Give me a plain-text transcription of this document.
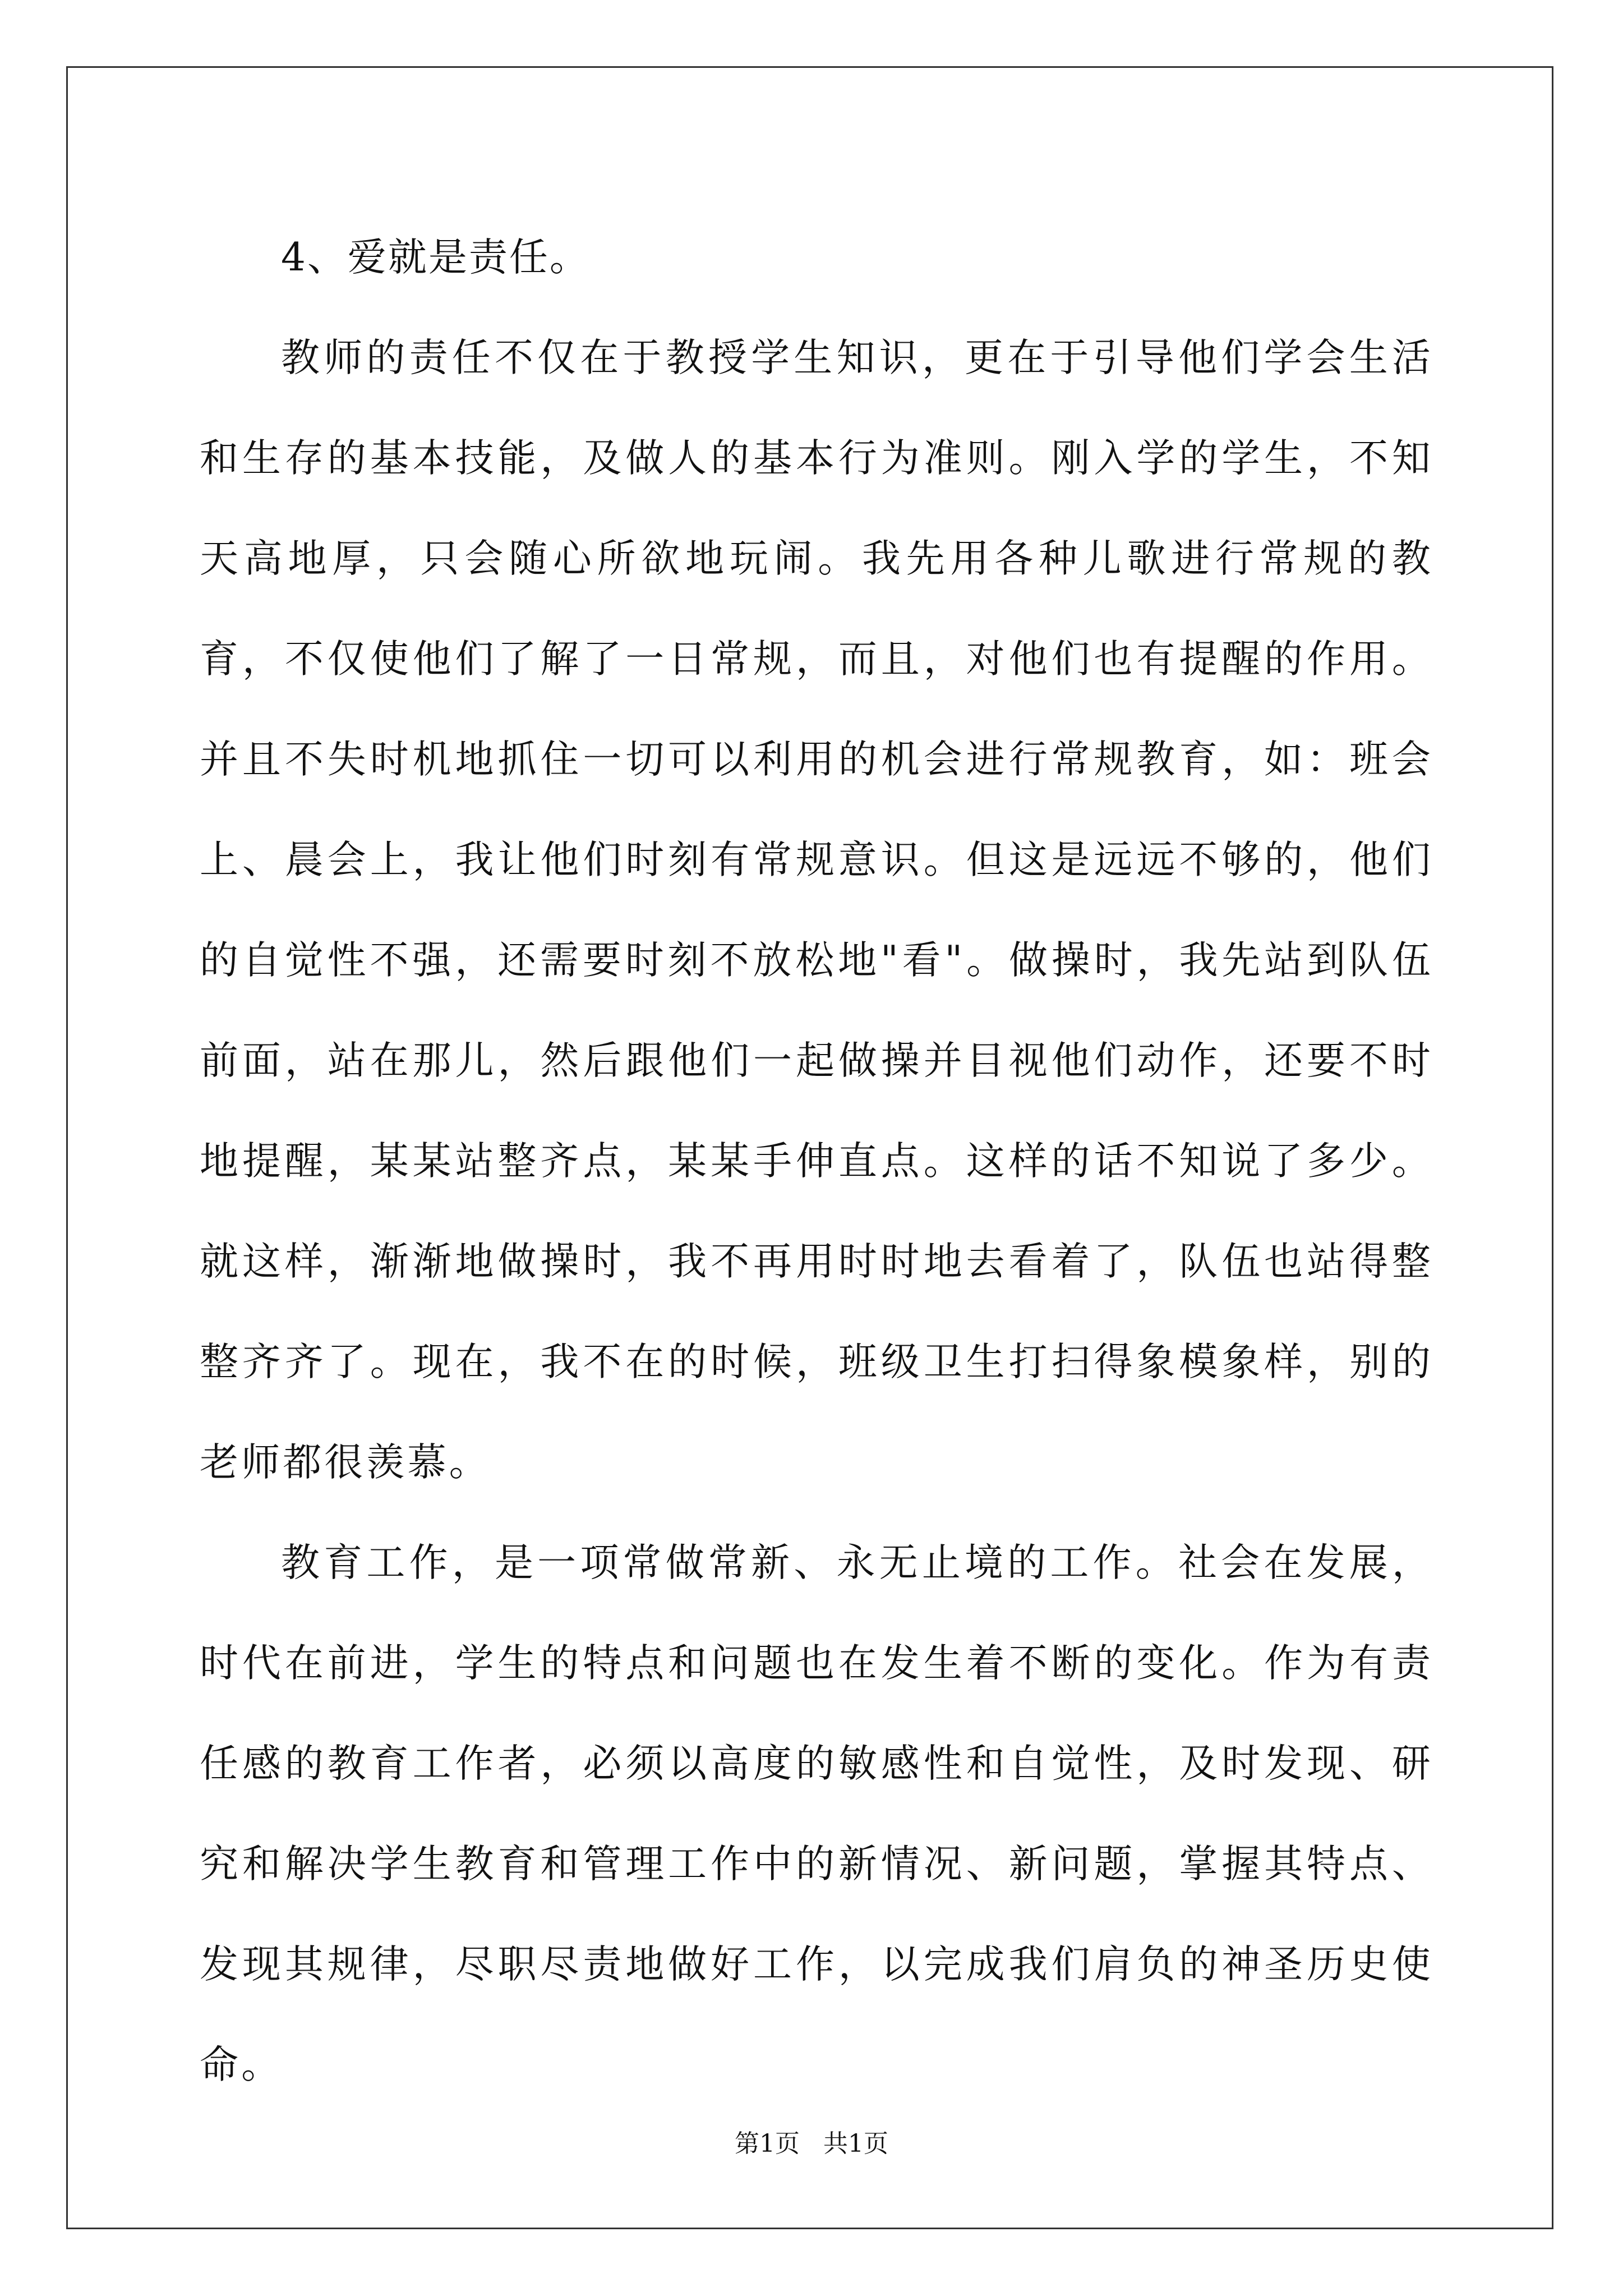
4、爱就是责任。

教师的责任不仅在于教授学生知识，更在于引导他们学会生活和生存的基本技能，及做人的基本行为准则。刚入学的学生，不知天高地厚，只会随心所欲地玩闹。我先用各种儿歌进行常规的教育，不仅使他们了解了一日常规，而且，对他们也有提醒的作用。并且不失时机地抓住一切可以利用的机会进行常规教育，如：班会上、晨会上，我让他们时刻有常规意识。但这是远远不够的，他们的自觉性不强，还需要时刻不放松地"看"。做操时，我先站到队伍前面，站在那儿，然后跟他们一起做操并目视他们动作，还要不时地提醒，某某站整齐点，某某手伸直点。这样的话不知说了多少。就这样，渐渐地做操时，我不再用时时地去看着了，队伍也站得整整齐齐了。现在，我不在的时候，班级卫生打扫得象模象样，别的老师都很羡慕。

教育工作，是一项常做常新、永无止境的工作。社会在发展，时代在前进，学生的特点和问题也在发生着不断的变化。作为有责任感的教育工作者，必须以高度的敏感性和自觉性，及时发现、研究和解决学生教育和管理工作中的新情况、新问题，掌握其特点、发现其规律，尽职尽责地做好工作，以完成我们肩负的神圣历史使命。

第1页   共1页
